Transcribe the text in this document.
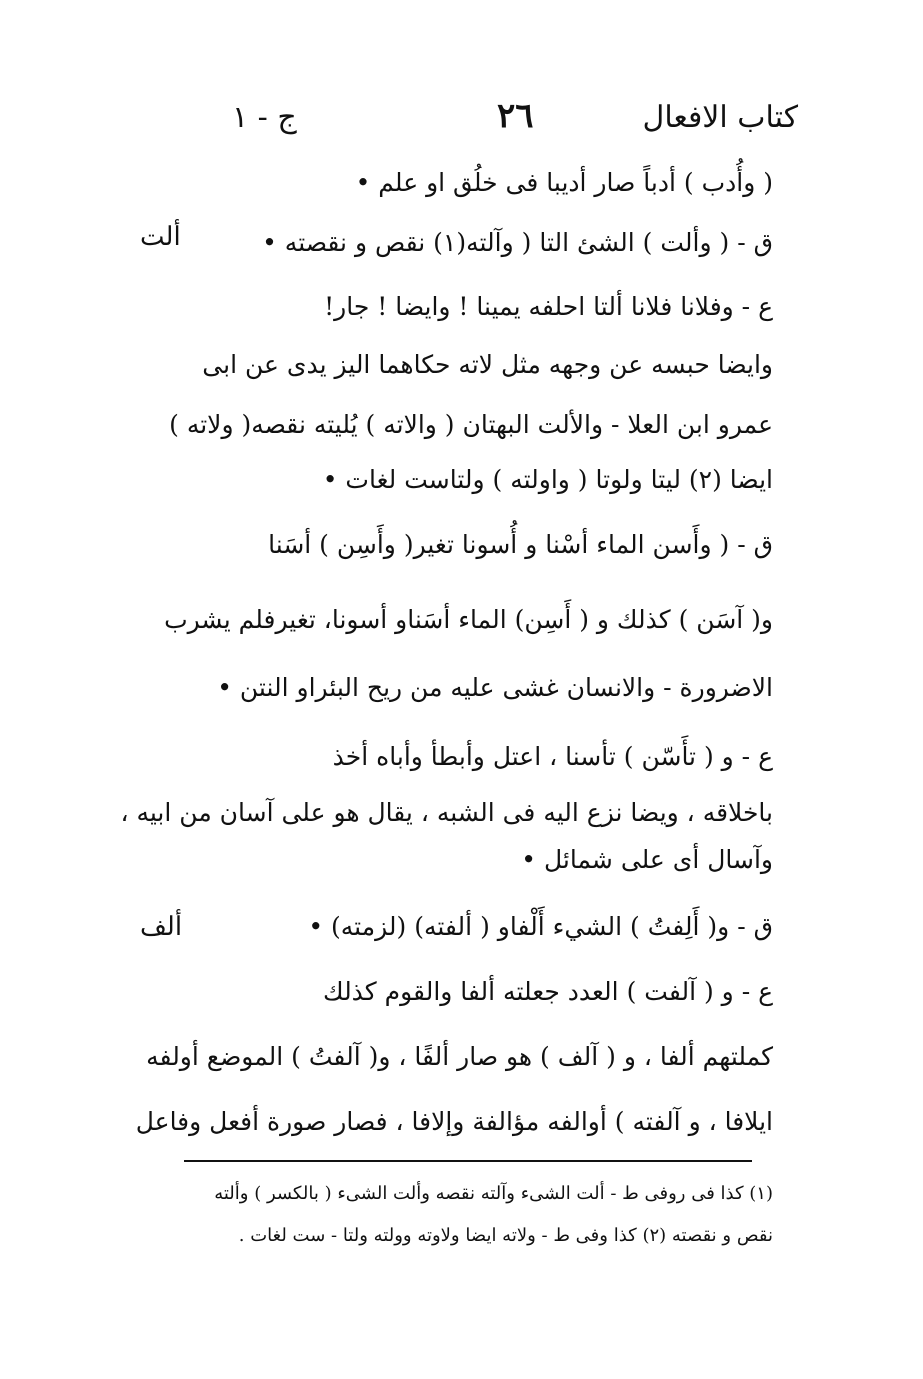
كتاب الافعال
٢٦
ج - ١
ألت
ألف
( وأُدب ) أدباً صار أديبا فى خلُق او علم •
ق - ( وألت ) الشئ التا ( وآلته(١) نقص و نقصته •
ع - وفلانا فلانا ألتا احلفه يمينا ! وايضا ! جار!
وايضا حبسه عن وجهه مثل لاته حكاهما اليز يدى عن ابى
عمرو ابن العلا - والألت البهتان ( والاته ) يُليته نقصه( ولاته )
ايضا (٢) ليتا ولوتا ( واولته ) ولتاست لغات •
ق - ( وأَسن الماء أسْنا و أُسونا تغير( وأَسِن ) أسَنا
و( آسَن ) كذلك و ( أَسِن) الماء أسَناو أسونا، تغيرفلم يشرب
الاضرورة - والانسان غشى عليه من ريح البئراو النتن •
ع - و ( تأَسّن ) تأسنا ، اعتل وأبطأ وأباه أخذ
باخلاقه ، ويضا نزع اليه فى الشبه ، يقال هو على آسان من ابيه ،
وآسال أى على شمائل •
ق - و( أَلِفتُ ) الشيء أَلْفاو ( ألفته) (لزمته) •
ع - و ( آلفت ) العدد جعلته ألفا والقوم كذلك
كملتهم ألفا ، و ( آلف ) هو صار ألفًا ، و( آلفتُ ) الموضع أولفه
ايلافا ، و آلفته ) أوالفه مؤالفة وإلافا ، فصار صورة أفعل وفاعل
(١) كذا فى روفى ط - ألت الشىء وآلته نقصه وألت الشىء ( بالكسر ) وألته
نقص و نقصته (٢) كذا وفى ط - ولاته ايضا ولاوته وولته ولتا - ست لغات .
